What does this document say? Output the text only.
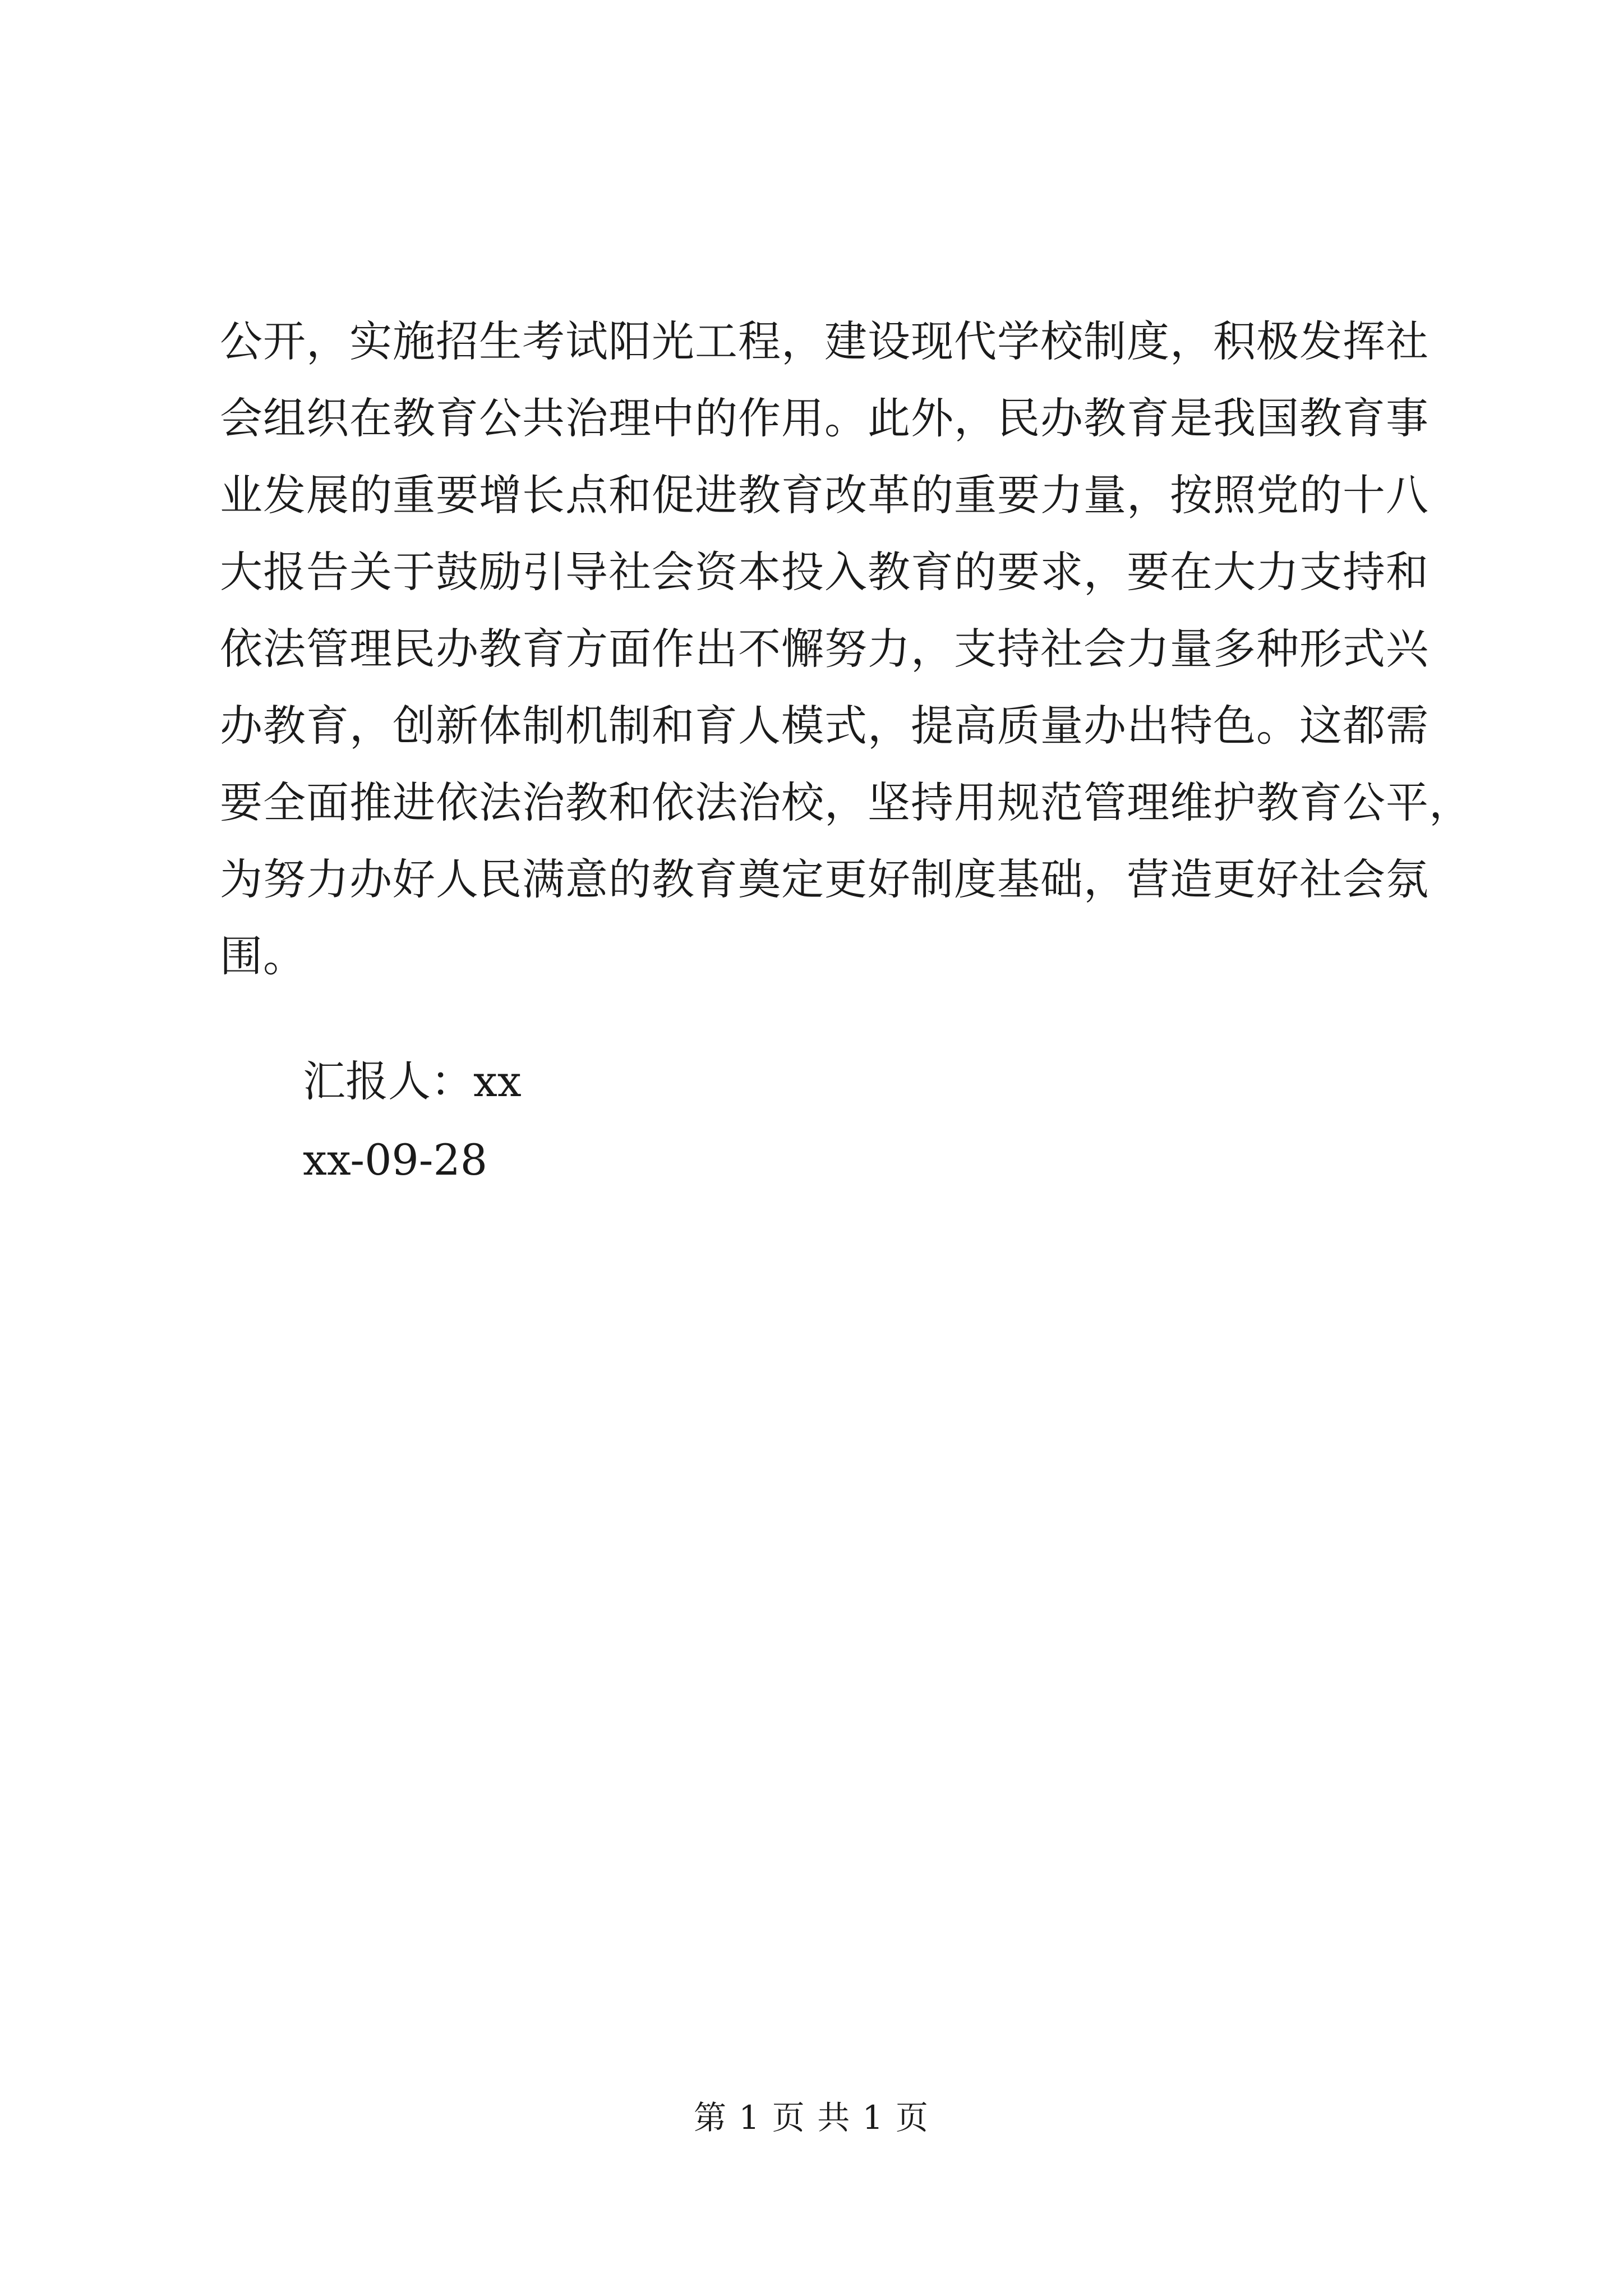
公开，实施招生考试阳光工程，建设现代学校制度，积极发挥社
会组织在教育公共治理中的作用。此外，民办教育是我国教育事
业发展的重要增长点和促进教育改革的重要力量，按照党的十八
大报告关于鼓励引导社会资本投入教育的要求，要在大力支持和
依法管理民办教育方面作出不懈努力，支持社会力量多种形式兴
办教育，创新体制机制和育人模式，提高质量办出特色。这都需
要全面推进依法治教和依法治校，坚持用规范管理维护教育公平，
为努力办好人民满意的教育奠定更好制度基础，营造更好社会氛
围。
汇报人：xx
xx-09-28
第 1 页 共 1 页
